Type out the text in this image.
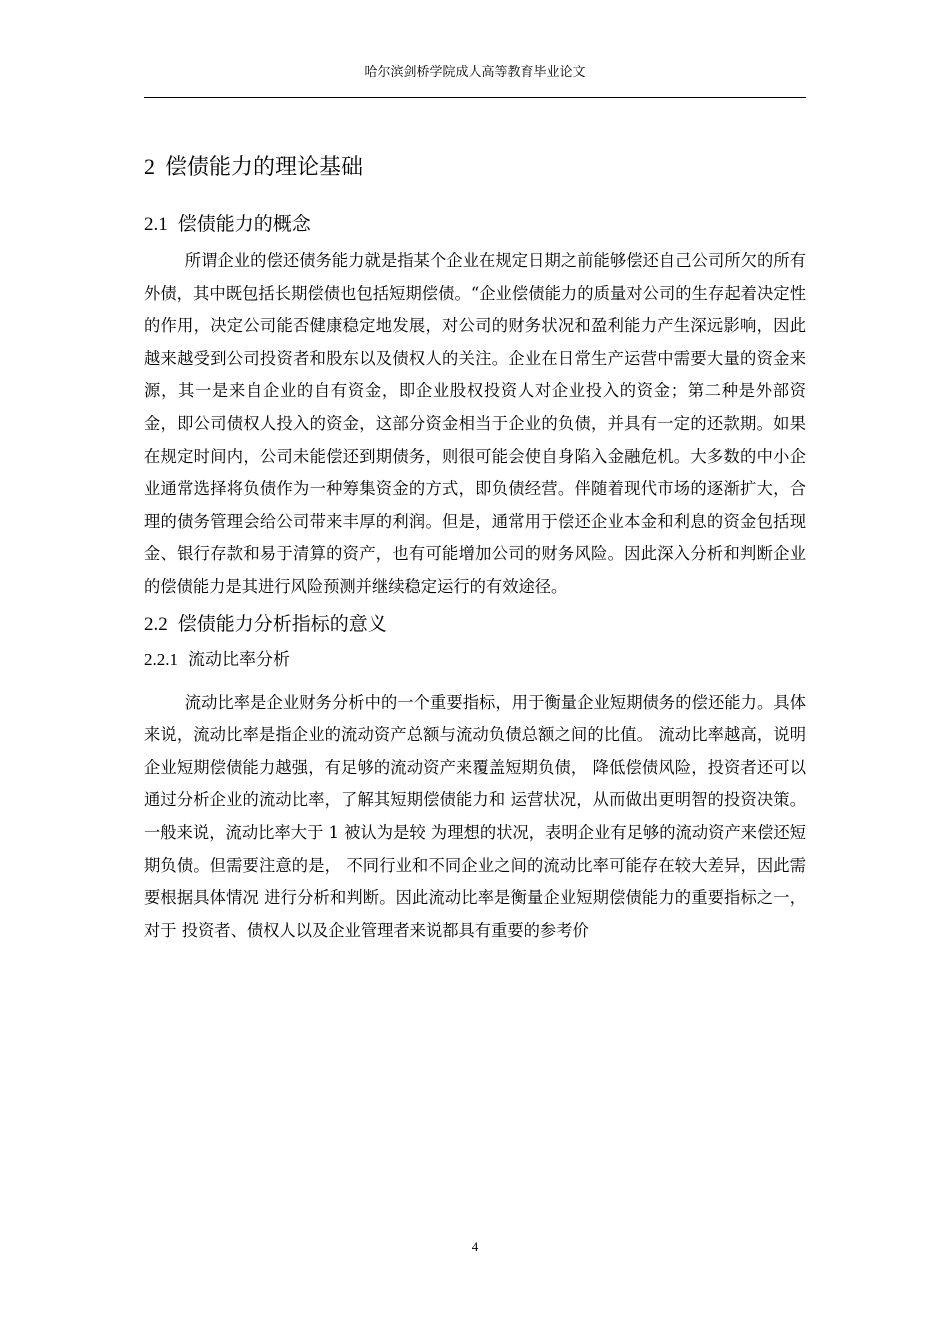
哈尔滨剑桥学院成人高等教育毕业论文
2 偿债能力的理论基础
2.1 偿债能力的概念

所谓企业的偿还债务能力就是指某个企业在规定日期之前能够偿还自己公司所欠的所有外债，其中既包括长期偿债也包括短期偿债。“企业偿债能力的质量对公司的生存起着决定性的作用，决定公司能否健康稳定地发展，对公司的财务状况和盈利能力产生深远影响，因此越来越受到公司投资者和股东以及债权人的关注。企业在日常生产运营中需要大量的资金来源，其一是来自企业的自有资金，即企业股权投资人对企业投入的资金；第二种是外部资金，即公司债权人投入的资金，这部分资金相当于企业的负债，并具有一定的还款期。如果在规定时间内，公司未能偿还到期债务，则很可能会使自身陷入金融危机。大多数的中小企业通常选择将负债作为一种筹集资金的方式，即负债经营。伴随着现代市场的逐渐扩大，合理的债务管理会给公司带来丰厚的利润。但是，通常用于偿还企业本金和利息的资金包括现金、银行存款和易于清算的资产，也有可能增加公司的财务风险。因此深入分析和判断企业的偿债能力是其进行风险预测并继续稳定运行的有效途径。

2.2 偿债能力分析指标的意义
2.2.1 流动比率分析

流动比率是企业财务分析中的一个重要指标，用于衡量企业短期债务的偿还能力。具体来说，流动比率是指企业的流动资产总额与流动负债总额之间的比值。 流动比率越高，说明企业短期偿债能力越强，有足够的流动资产来覆盖短期负债， 降低偿债风险，投资者还可以通过分析企业的流动比率，了解其短期偿债能力和 运营状况，从而做出更明智的投资决策。一般来说，流动比率大于 1 被认为是较 为理想的状况，表明企业有足够的流动资产来偿还短期负债。但需要注意的是， 不同行业和不同企业之间的流动比率可能存在较大差异，因此需要根据具体情况 进行分析和判断。因此流动比率是衡量企业短期偿债能力的重要指标之一，对于 投资者、债权人以及企业管理者来说都具有重要的参考价

4
